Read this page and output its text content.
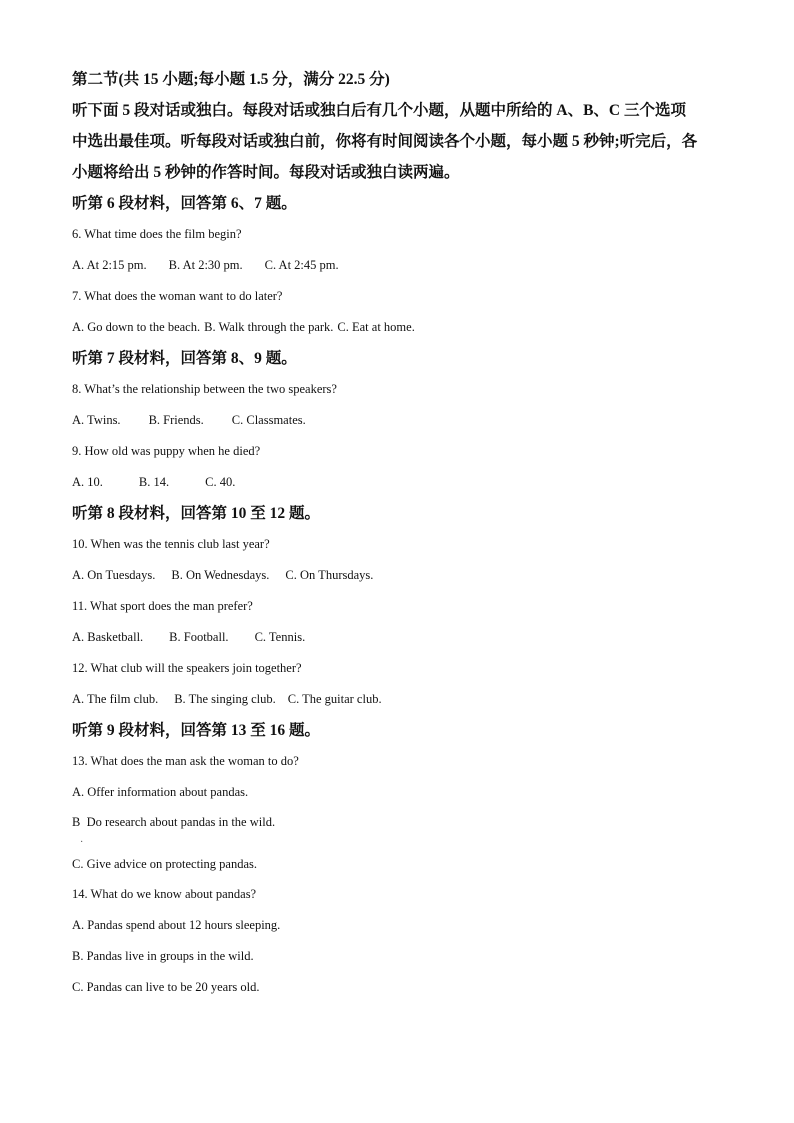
第二节(共 15 小题;每小题 1.5 分，满分 22.5 分)

听下面 5 段对话或独白。每段对话或独白后有几个小题，从题中所给的 A、B、C 三个选项

中选出最佳项。听每段对话或独白前，你将有时间阅读各个小题，每小题 5 秒钟;听完后，各

小题将给出 5 秒钟的作答时间。每段对话或独白读两遍。

听第 6 段材料，回答第 6、7 题。

6. What time does the film begin?

A. At 2:15 pm. B. At 2:30 pm. C. At 2:45 pm.

7. What does the woman want to do later?

A. Go down to the beach. B. Walk through the park. C. Eat at home.

听第 7 段材料，回答第 8、9 题。

8. What’s the relationship between the two speakers?

A. Twins. B. Friends. C. Classmates.

9. How old was puppy when he died?

A. 10.	B. 14.	C. 40.

听第 8 段材料，回答第 10 至 12 题。

10. When was the tennis club last year?

A. On Tuesdays. B. On Wednesdays. C. On Thursdays.

11. What sport does the man prefer?

A. Basketball. B. Football. C. Tennis.

12. What club will the speakers join together?

A. The film club. B. The singing club. C. The guitar club.

听第 9 段材料，回答第 13 至 16 题。

13. What does the man ask the woman to do?

A. Offer information about pandas.

B  Do research about pandas in the wild.

·

C. Give advice on protecting pandas.

14. What do we know about pandas?

A. Pandas spend about 12 hours sleeping.

B. Pandas live in groups in the wild.

C. Pandas can live to be 20 years old.
